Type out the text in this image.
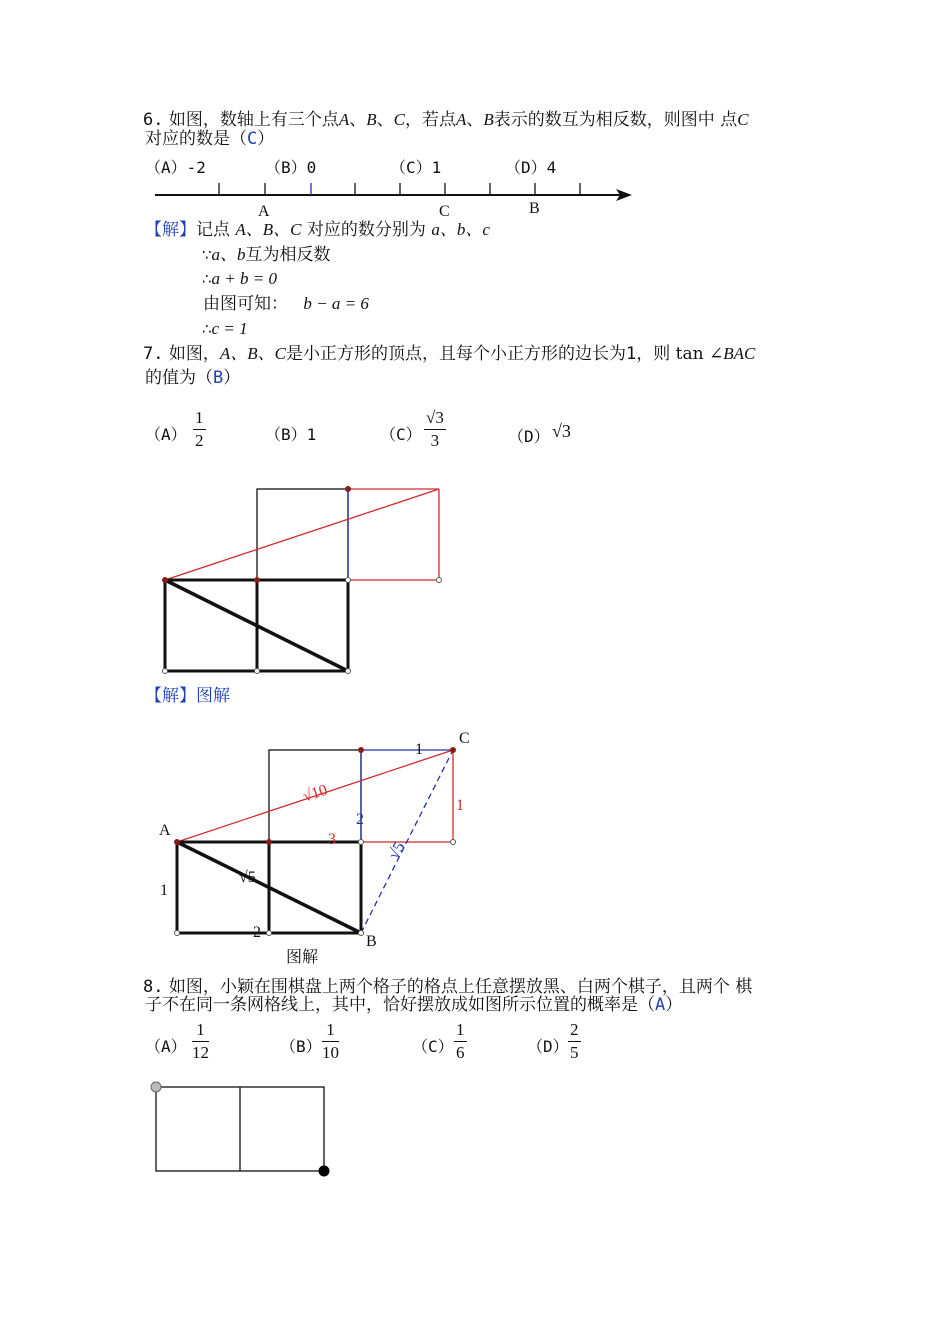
6. 如图，数轴上有三个点A、B、C，若点A、B表示的数互为相反数，则图中 点C
对应的数是（C）
（A）-2	（B）0	（C）1	（D）4
A	C	B
【解】记点 A、B、C 对应的数分别为 a、b、c
∵a、b互为相反数
∴a + b = 0
由图可知： b − a = 6
∴c = 1
7. 如图，A、B、C是小正方形的顶点，且每个小正方形的边长为1，则 tan ∠BAC
的值为（B）
$(A) \frac{1}{2}$	（B）1	$(C) \frac{√3}{3}$	（D） √3
【解】图解
C
1
√10
2
1
A
3	√5
√5
1
2
B
图解
8. 如图，小颖在围棋盘上两个格子的格点上任意摆放黑、白两个棋子，且两个 棋
子不在同一条网格线上，其中，恰好摆放成如图所示位置的概率是（A）
$(A) \frac{1}{12}$	$(B) \frac{1}{10}$	$(C) \frac{1}{6}$	$(D) \frac{2}{5}$
